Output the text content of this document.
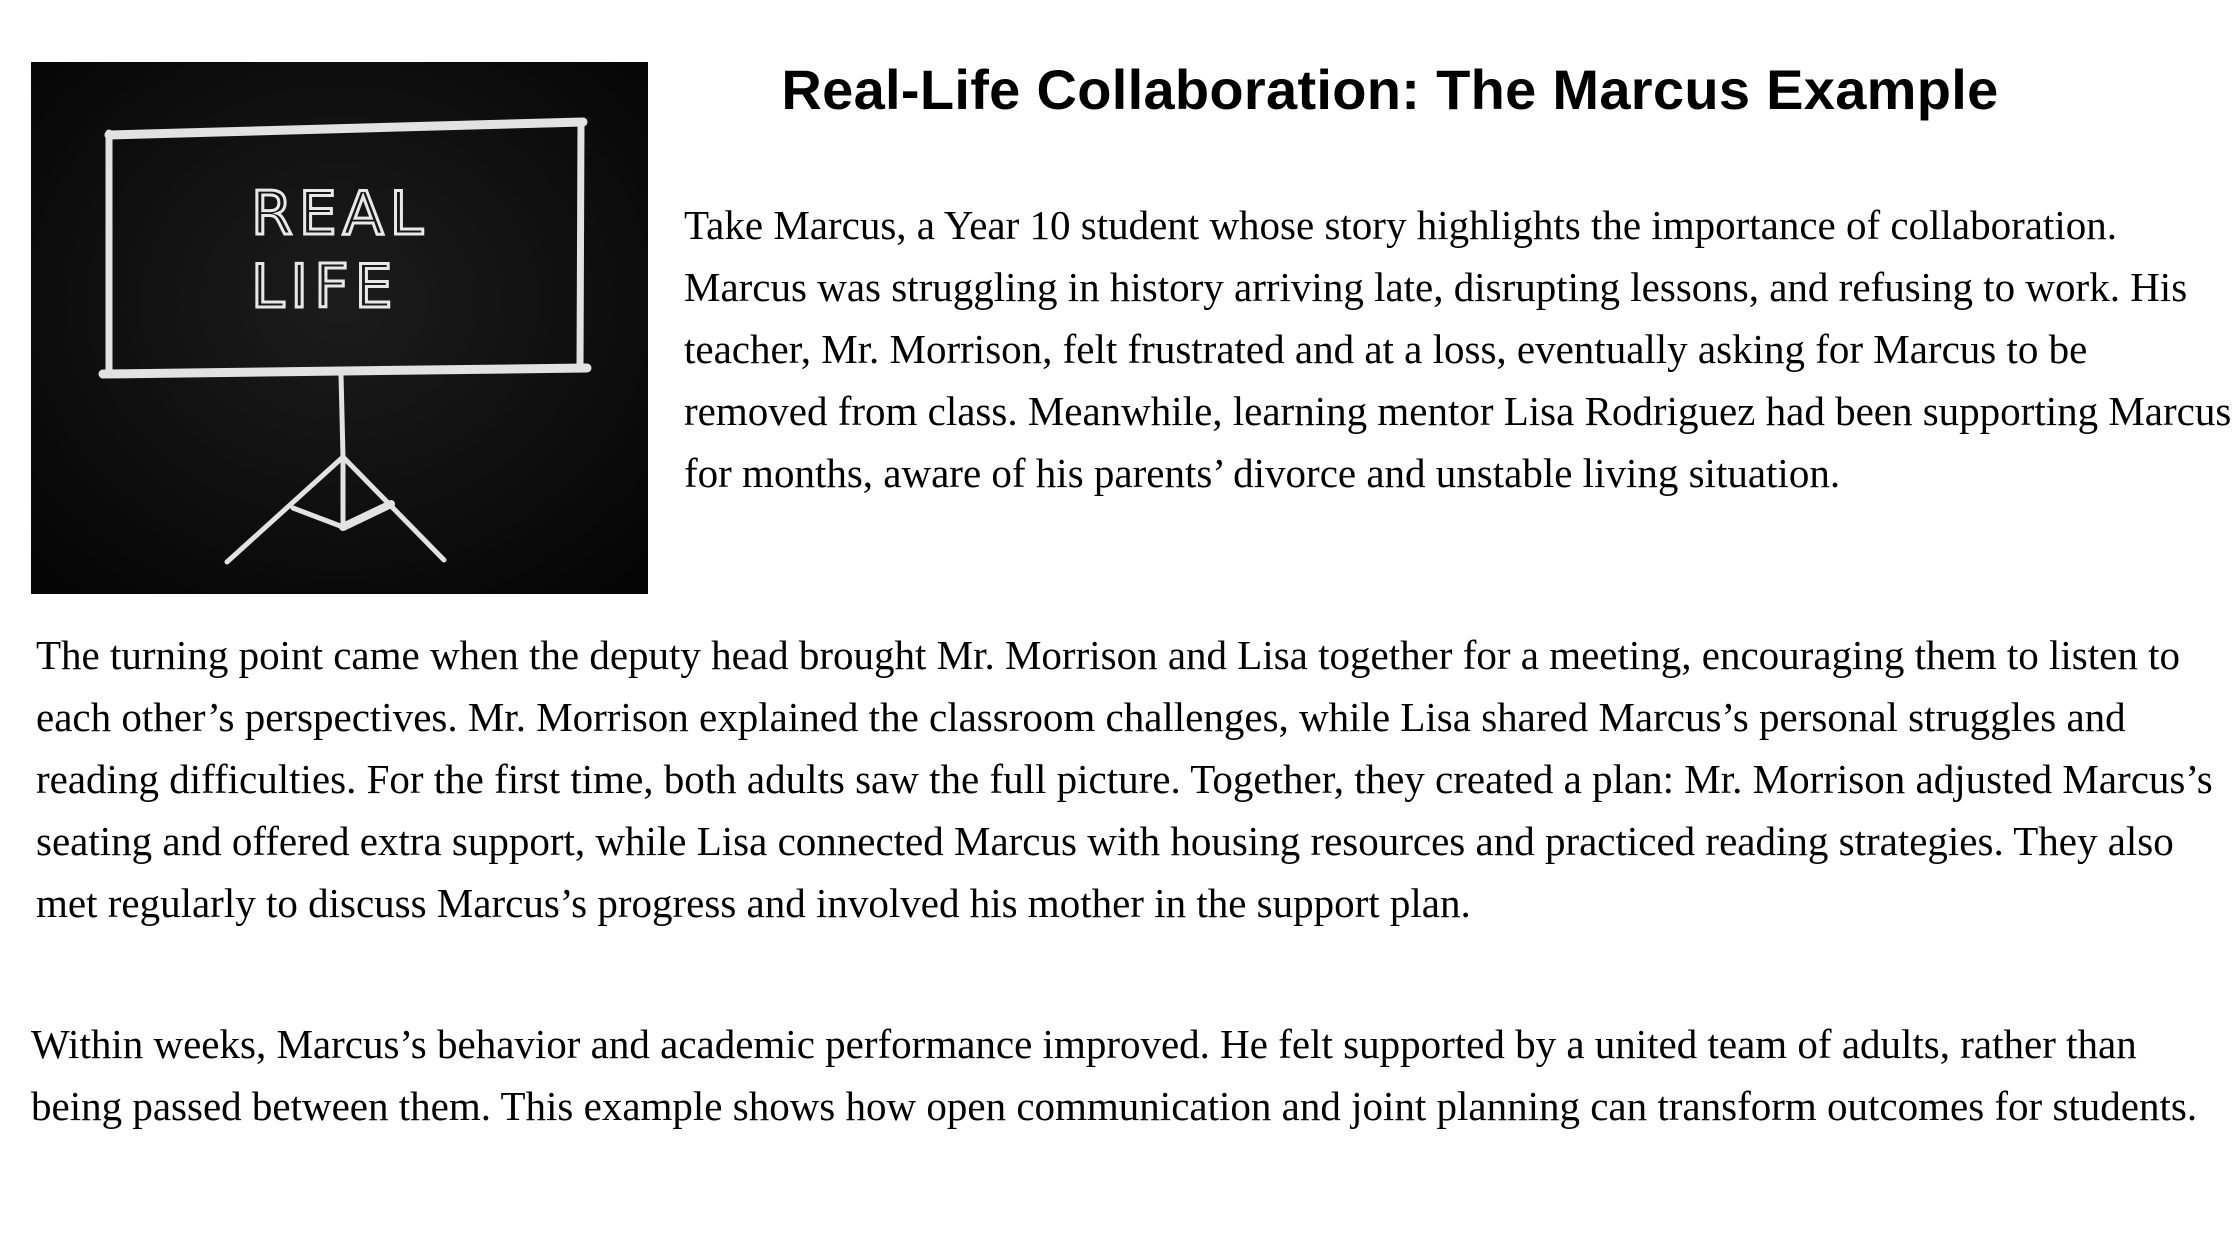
REAL
LIFE
Real-Life Collaboration: The Marcus Example

Take Marcus, a Year 10 student whose story highlights the importance of collaboration. Marcus was struggling in history arriving late, disrupting lessons, and refusing to work. His teacher, Mr. Morrison, felt frustrated and at a loss, eventually asking for Marcus to be removed from class. Meanwhile, learning mentor Lisa Rodriguez had been supporting Marcus for months, aware of his parents’ divorce and unstable living situation.

The turning point came when the deputy head brought Mr. Morrison and Lisa together for a meeting, encouraging them to listen to each other’s perspectives. Mr. Morrison explained the classroom challenges, while Lisa shared Marcus’s personal struggles and reading difficulties. For the first time, both adults saw the full picture. Together, they created a plan: Mr. Morrison adjusted Marcus’s seating and offered extra support, while Lisa connected Marcus with housing resources and practiced reading strategies. They also met regularly to discuss Marcus’s progress and involved his mother in the support plan.

Within weeks, Marcus’s behavior and academic performance improved. He felt supported by a united team of adults, rather than being passed between them. This example shows how open communication and joint planning can transform outcomes for students.
